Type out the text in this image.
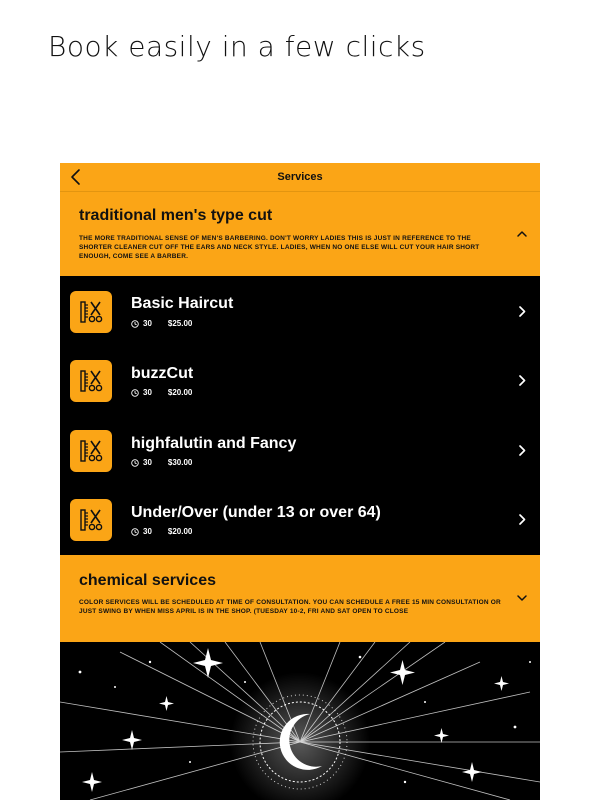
Book easily in a few clicks
Services
traditional men's type cut
THE MORE TRADITIONAL SENSE OF MEN'S BARBERING. DON'T WORRY LADIES THIS IS JUST IN REFERENCE TO THE SHORTER CLEANER CUT OFF THE EARS AND NECK STYLE. LADIES, WHEN NO ONE ELSE WILL CUT YOUR HAIR SHORT ENOUGH, COME SEE A BARBER.
Basic Haircut
30 $25.00
buzzCut
30 $20.00
highfalutin and Fancy
30 $30.00
Under/Over (under 13 or over 64)
30 $20.00
chemical services
COLOR SERVICES WILL BE SCHEDULED AT TIME OF CONSULTATION. YOU CAN SCHEDULE A FREE 15 MIN CONSULTATION OR JUST SWING BY WHEN MISS APRIL IS IN THE SHOP. (TUESDAY 10-2, FRI AND SAT OPEN TO CLOSE
